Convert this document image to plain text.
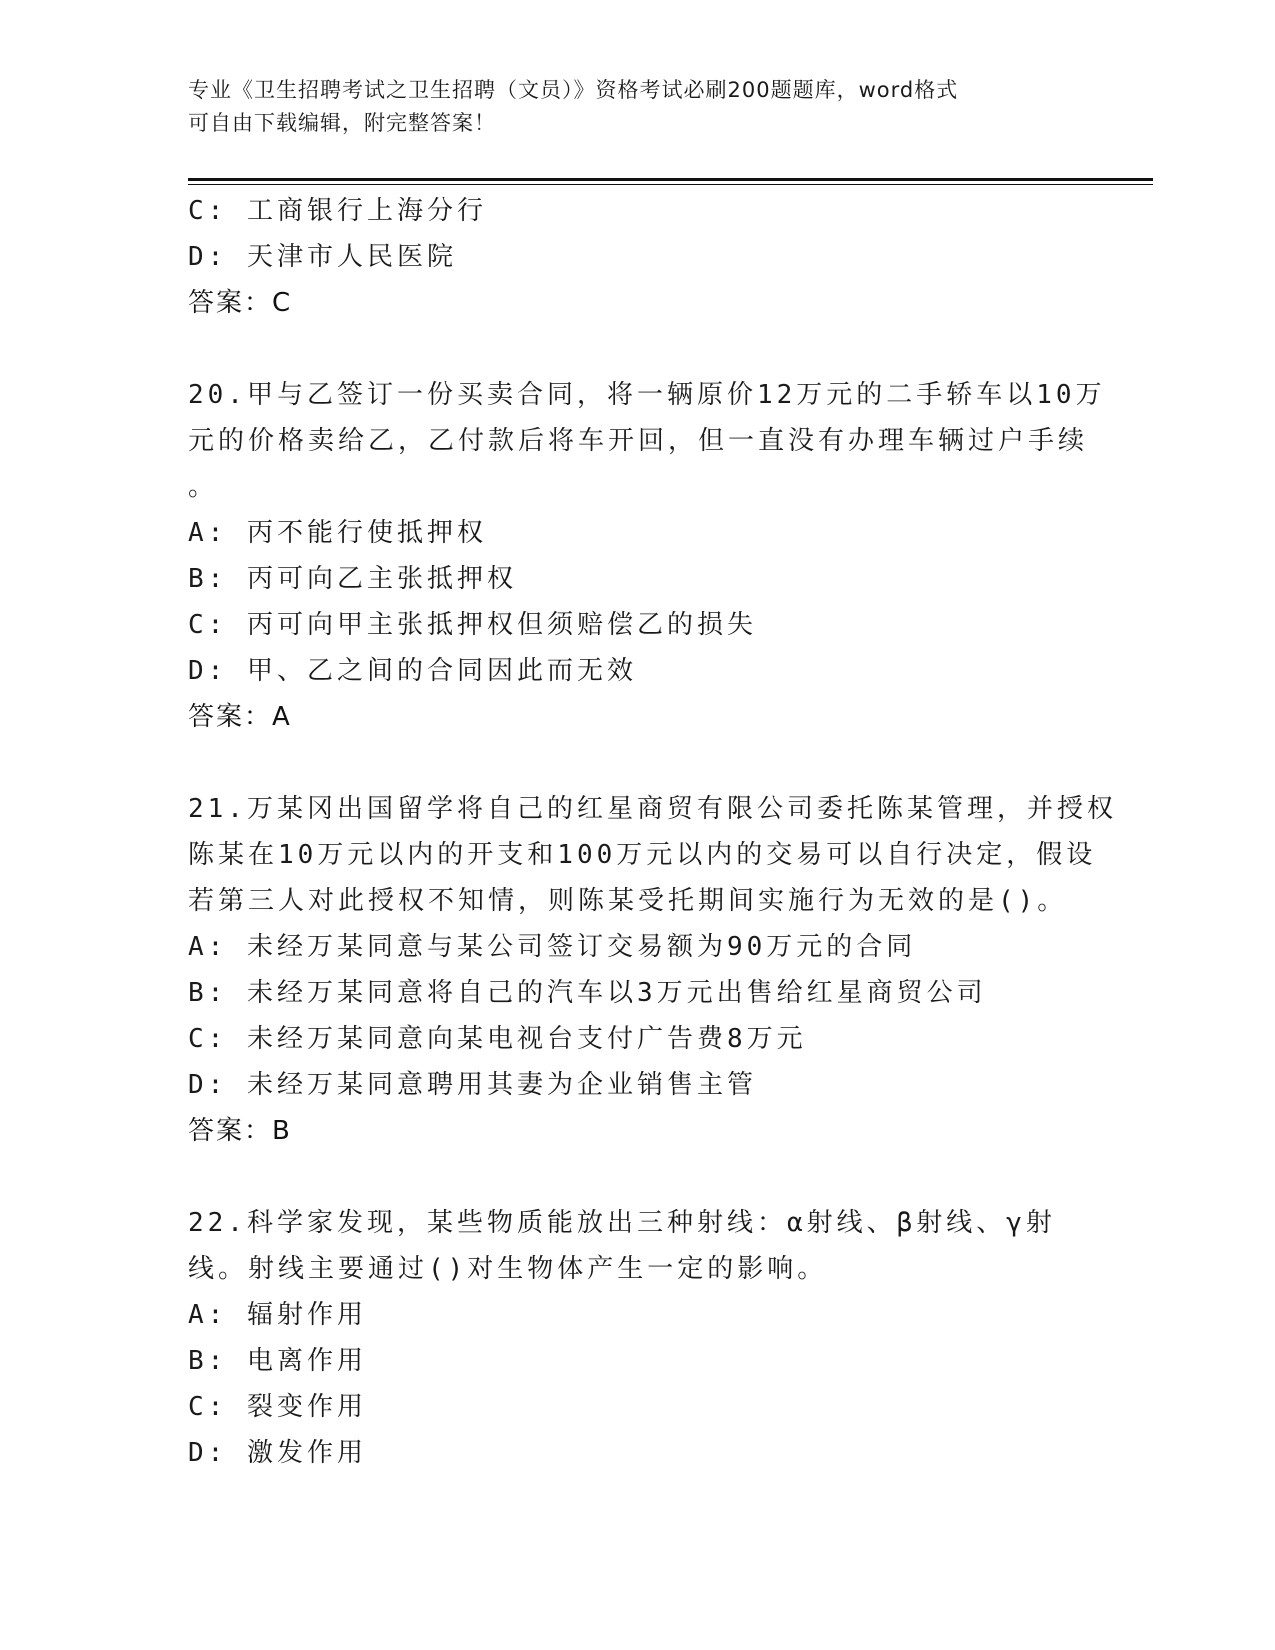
专业《卫生招聘考试之卫生招聘（文员）》资格考试必刷200题题库，word格式
可自由下载编辑，附完整答案！
C: 工商银行上海分行
D: 天津市人民医院
答案：C
20.甲与乙签订一份买卖合同，将一辆原价12万元的二手轿车以10万
元的价格卖给乙，乙付款后将车开回，但一直没有办理车辆过户手续
。
A: 丙不能行使抵押权
B: 丙可向乙主张抵押权
C: 丙可向甲主张抵押权但须赔偿乙的损失
D: 甲、乙之间的合同因此而无效
答案：A
21.万某冈出国留学将自己的红星商贸有限公司委托陈某管理，并授权
陈某在10万元以内的开支和100万元以内的交易可以自行决定，假设
若第三人对此授权不知情，则陈某受托期间实施行为无效的是()。
A: 未经万某同意与某公司签订交易额为90万元的合同
B: 未经万某同意将自己的汽车以3万元出售给红星商贸公司
C: 未经万某同意向某电视台支付广告费8万元
D: 未经万某同意聘用其妻为企业销售主管
答案：B
22.科学家发现，某些物质能放出三种射线：α射线、β射线、γ射
线。射线主要通过()对生物体产生一定的影响。
A: 辐射作用
B: 电离作用
C: 裂变作用
D: 激发作用
